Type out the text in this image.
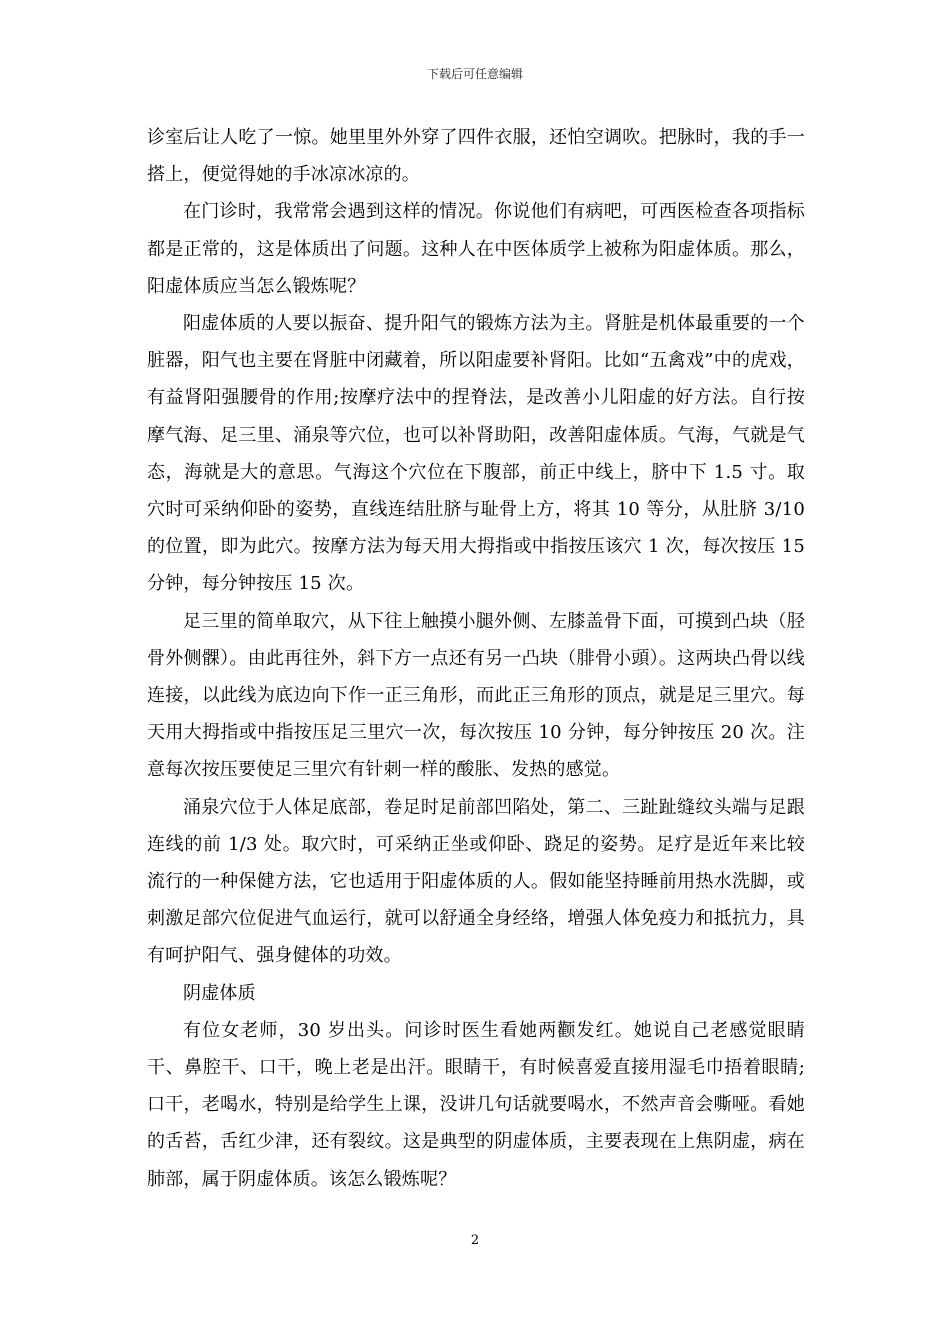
下载后可任意编辑

诊室后让人吃了一惊。她里里外外穿了四件衣服，还怕空调吹。把脉时，我的手一搭上，便觉得她的手冰凉冰凉的。

在门诊时，我常常会遇到这样的情况。你说他们有病吧，可西医检查各项指标都是正常的，这是体质出了问题。这种人在中医体质学上被称为阳虚体质。那么，阳虚体质应当怎么锻炼呢？

阳虚体质的人要以振奋、提升阳气的锻炼方法为主。肾脏是机体最重要的一个脏器，阳气也主要在肾脏中闭藏着，所以阳虚要补肾阳。比如“五禽戏”中的虎戏，有益肾阳强腰骨的作用;按摩疗法中的捏脊法，是改善小儿阳虚的好方法。自行按摩气海、足三里、涌泉等穴位，也可以补肾助阳，改善阳虚体质。气海，气就是气态，海就是大的意思。气海这个穴位在下腹部，前正中线上，脐中下 1.5 寸。取穴时可采纳仰卧的姿势，直线连结肚脐与耻骨上方，将其 10 等分，从肚脐 3/10 的位置，即为此穴。按摩方法为每天用大拇指或中指按压该穴 1 次，每次按压 15 分钟，每分钟按压 15 次。

足三里的简单取穴，从下往上触摸小腿外侧、左膝盖骨下面，可摸到凸块（胫骨外侧髁）。由此再往外，斜下方一点还有另一凸块（腓骨小頭）。这两块凸骨以线连接，以此线为底边向下作一正三角形，而此正三角形的顶点，就是足三里穴。每天用大拇指或中指按压足三里穴一次，每次按压 10 分钟，每分钟按压 20 次。注意每次按压要使足三里穴有针刺一样的酸胀、发热的感觉。

涌泉穴位于人体足底部，卷足时足前部凹陷处，第二、三趾趾缝纹头端与足跟连线的前 1/3 处。取穴时，可采纳正坐或仰卧、跷足的姿势。足疗是近年来比较流行的一种保健方法，它也适用于阳虚体质的人。假如能坚持睡前用热水洗脚，或刺激足部穴位促进气血运行，就可以舒通全身经络，增强人体免疫力和抵抗力，具有呵护阳气、强身健体的功效。

阴虚体质

有位女老师，30 岁出头。问诊时医生看她两颧发红。她说自己老感觉眼睛干、鼻腔干、口干，晚上老是出汗。眼睛干，有时候喜爱直接用湿毛巾捂着眼睛;口干，老喝水，特别是给学生上课，没讲几句话就要喝水，不然声音会嘶哑。看她的舌苔，舌红少津，还有裂纹。这是典型的阴虚体质，主要表现在上焦阴虚，病在肺部，属于阴虚体质。该怎么锻炼呢？

2
